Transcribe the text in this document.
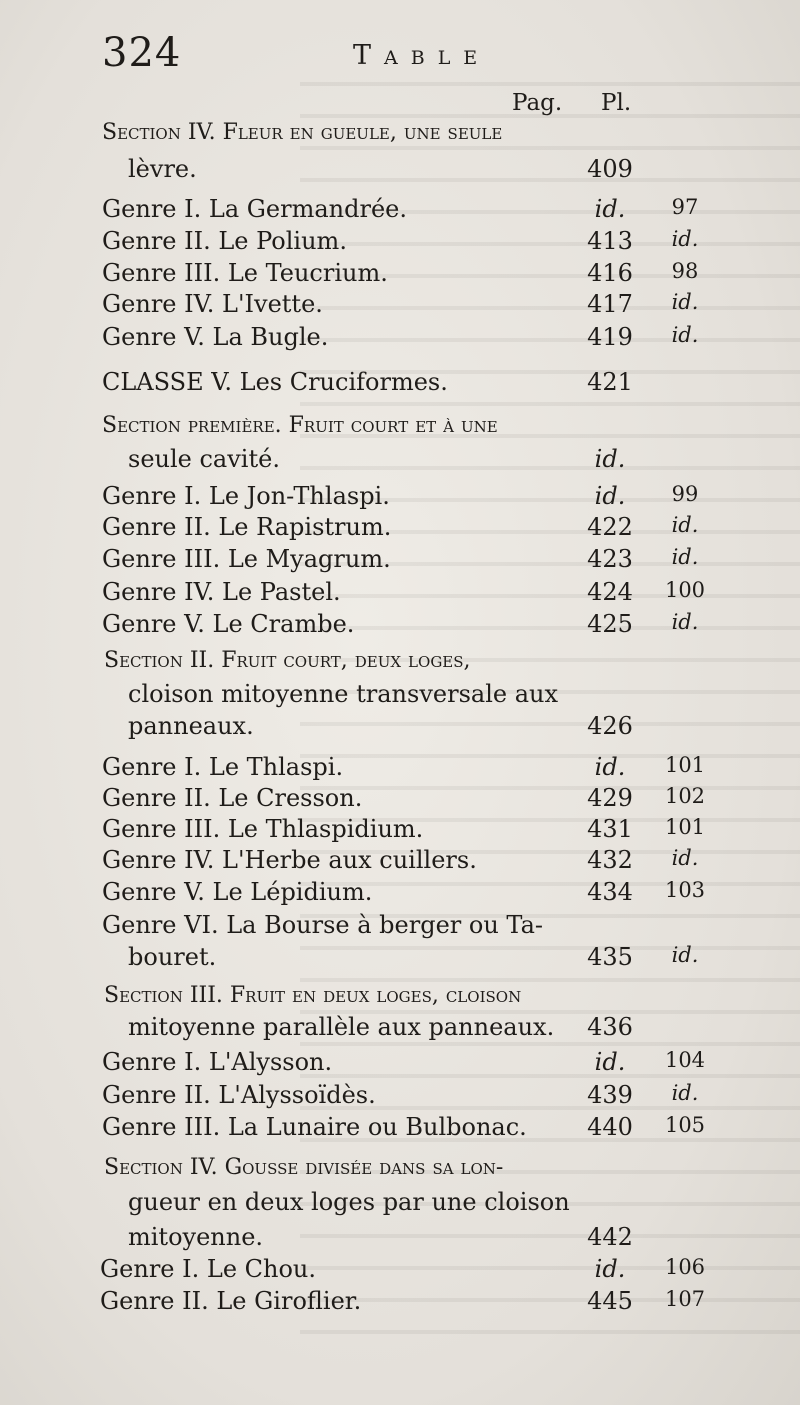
324	Table
Pag. Pl.
Section IV. Fleur en gueule, une seule
lèvre.	409
Genre I. La Germandrée.	id.	97
Genre II. Le Polium.	413	id.
Genre III. Le Teucrium.	416	98
Genre IV. L'Ivette.	417	id.
Genre V. La Bugle.	419	id.
CLASSE V. Les Cruciformes.	421
Section première. Fruit court et à une
seule cavité.	id.
Genre I. Le Jon-Thlaspi.	id.	99
Genre II. Le Rapistrum.	422	id.
Genre III. Le Myagrum.	423	id.
Genre IV. Le Pastel.	424	100
Genre V. Le Crambe.	425	id.
Section II. Fruit court, deux loges,
cloison mitoyenne transversale aux
panneaux.	426
Genre I. Le Thlaspi.	id.	101
Genre II. Le Cresson.	429	102
Genre III. Le Thlaspidium.	431	101
Genre IV. L'Herbe aux cuillers.	432	id.
Genre V. Le Lépidium.	434	103
Genre VI. La Bourse à berger ou Ta-
bouret.	435	id.
Section III. Fruit en deux loges, cloison
mitoyenne parallèle aux panneaux. 436
Genre I. L'Alysson.	id.	104
Genre II. L'Alyssoïdès.	439	id.
Genre III. La Lunaire ou Bulbonac.	440	105
Section IV. Gousse divisée dans sa lon-
gueur en deux loges par une cloison
mitoyenne.	442
Genre I. Le Chou.	id.	106
Genre II. Le Giroflier.	445	107
